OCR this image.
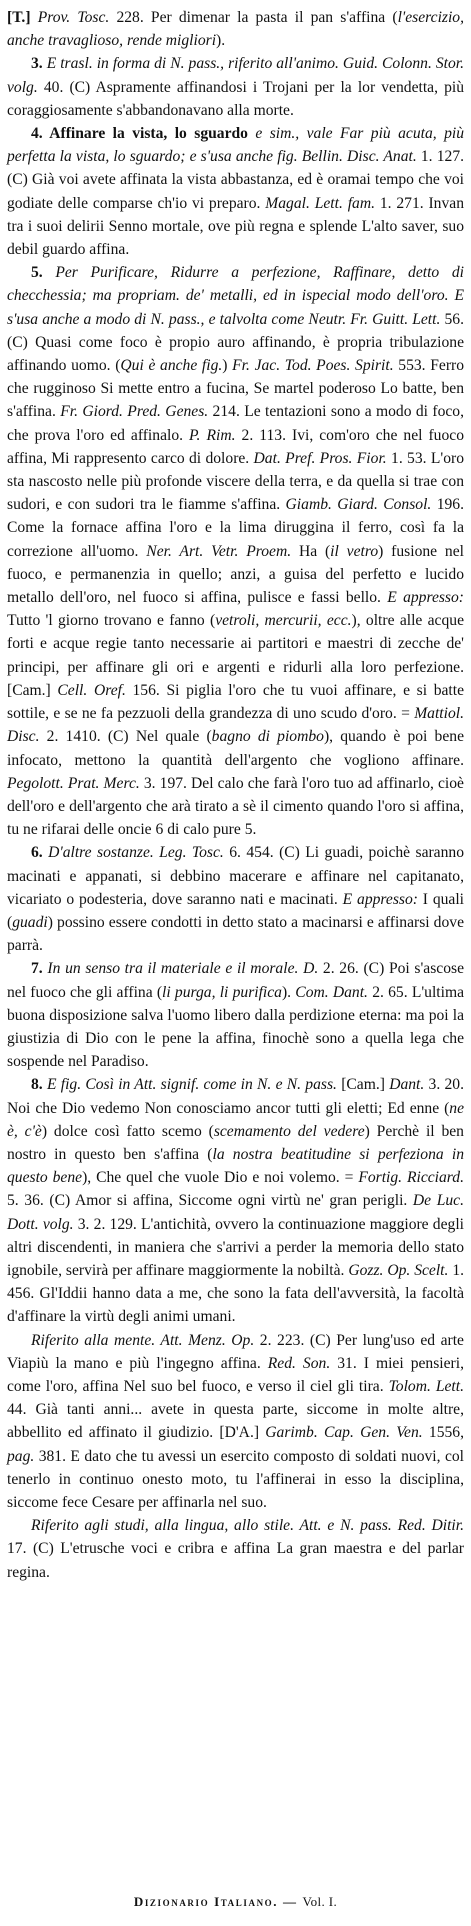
[T.] Prov. Tosc. 228. Per dimenar la pasta il pan s'affina (l'esercizio, anche travaglioso, rende migliori).

3. E trasl. in forma di N. pass., riferito all'animo. Guid. Colonn. Stor. volg. 40. (C) Aspramente affinandosi i Trojani per la lor vendetta, più coraggiosamente s'abbandonavano alla morte.

4. Affinare la vista, lo sguardo e sim., vale Far più acuta, più perfetta la vista, lo sguardo; e s'usa anche fig. Bellin. Disc. Anat. 1. 127. (C) Già voi avete affinata la vista abbastanza, ed è oramai tempo che voi godiate delle comparse ch'io vi preparo. Magal. Lett. fam. 1. 271. Invan tra i suoi delirii Senno mortale, ove più regna e splende L'alto saver, suo debil guardo affina.

5. Per Purificare, Ridurre a perfezione, Raffinare, detto di checchessia; ma propriam. de' metalli, ed in ispecial modo dell'oro. E s'usa anche a modo di N. pass., e talvolta come Neutr. Fr. Guitt. Lett. 56. (C) Quasi come foco è propio auro affinando, è propria tribulazione affinando uomo. (Qui è anche fig.) Fr. Jac. Tod. Poes. Spirit. 553. Ferro che rugginoso Si mette entro a fucina, Se martel poderoso Lo batte, ben s'affina. Fr. Giord. Pred. Genes. 214. Le tentazioni sono a modo di foco, che prova l'oro ed affinalo. P. Rim. 2. 113. Ivi, com'oro che nel fuoco affina, Mi rappresento carco di dolore. Dat. Pref. Pros. Fior. 1. 53. L'oro sta nascosto nelle più profonde viscere della terra, e da quella si trae con sudori, e con sudori tra le fiamme s'affina. Giamb. Giard. Consol. 196. Come la fornace affina l'oro e la lima diruggina il ferro, così fa la correzione all'uomo. Ner. Art. Vetr. Proem. Ha (il vetro) fusione nel fuoco, e permanenzia in quello; anzi, a guisa del perfetto e lucido metallo dell'oro, nel fuoco si affina, pulisce e fassi bello. E appresso: Tutto 'l giorno trovano e fanno (vetroli, mercurii, ecc.), oltre alle acque forti e acque regie tanto necessarie ai partitori e maestri di zecche de' principi, per affinare gli ori e argenti e ridurli alla loro perfezione. [Cam.] Cell. Oref. 156. Si piglia l'oro che tu vuoi affinare, e si batte sottile, e se ne fa pezzuoli della grandezza di uno scudo d'oro. = Mattiol. Disc. 2. 1410. (C) Nel quale (bagno di piombo), quando è poi bene infocato, mettono la quantità dell'argento che vogliono affinare. Pegolott. Prat. Merc. 3. 197. Del calo che farà l'oro tuo ad affinarlo, cioè dell'oro e dell'argento che arà tirato a sè il cimento quando l'oro si affina, tu ne rifarai delle oncie 6 di calo pure 5.

6. D'altre sostanze. Leg. Tosc. 6. 454. (C) Li guadi, poichè saranno macinati e appanati, si debbino macerare e affinare nel capitanato, vicariato o podesteria, dove saranno nati e macinati. E appresso: I quali (guadi) possino essere condotti in detto stato a macinarsi e affinarsi dove parrà.

7. In un senso tra il materiale e il morale. D. 2. 26. (C) Poi s'ascose nel fuoco che gli affina (li purga, li purifica). Com. Dant. 2. 65. L'ultima buona disposizione salva l'uomo libero dalla perdizione eterna: ma poi la giustizia di Dio con le pene la affina, finochè sono a quella lega che sospende nel Paradiso.

8. E fig. Così in Att. signif. come in N. e N. pass. [Cam.] Dant. 3. 20. Noi che Dio vedemo Non conosciamo ancor tutti gli eletti; Ed enne (ne è, c'è) dolce così fatto scemo (scemamento del vedere) Perchè il ben nostro in questo ben s'affina (la nostra beatitudine si perfeziona in questo bene), Che quel che vuole Dio e noi volemo. = Fortig. Ricciard. 5. 36. (C) Amor si affina, Siccome ogni virtù ne' gran perigli. De Luc. Dott. volg. 3. 2. 129. L'antichità, ovvero la continuazione maggiore degli altri discendenti, in maniera che s'arrivi a perder la memoria dello stato ignobile, servirà per affinare maggiormente la nobiltà. Gozz. Op. Scelt. 1. 456. Gl'Iddii hanno data a me, che sono la fata dell'avversità, la facoltà d'affinare la virtù degli animi umani.

Riferito alla mente. Att. Menz. Op. 2. 223. (C) Per lung'uso ed arte Viapiù la mano e più l'ingegno affina. Red. Son. 31. I miei pensieri, come l'oro, affina Nel suo bel fuoco, e verso il ciel gli tira. Tolom. Lett. 44. Già tanti anni... avete in questa parte, siccome in molte altre, abbellito ed affinato il giudizio. [D'A.] Garimb. Cap. Gen. Ven. 1556, pag. 381. E dato che tu avessi un esercito composto di soldati nuovi, col tenerlo in continuo onesto moto, tu l'affinerai in esso la disciplina, siccome fece Cesare per affinarla nel suo.

Riferito agli studi, alla lingua, allo stile. Att. e N. pass. Red. Ditir. 17. (C) L'etrusche voci e cribra e affina La gran maestra e del parlar regina.

Dizionario Italiano. — Vol. I.
